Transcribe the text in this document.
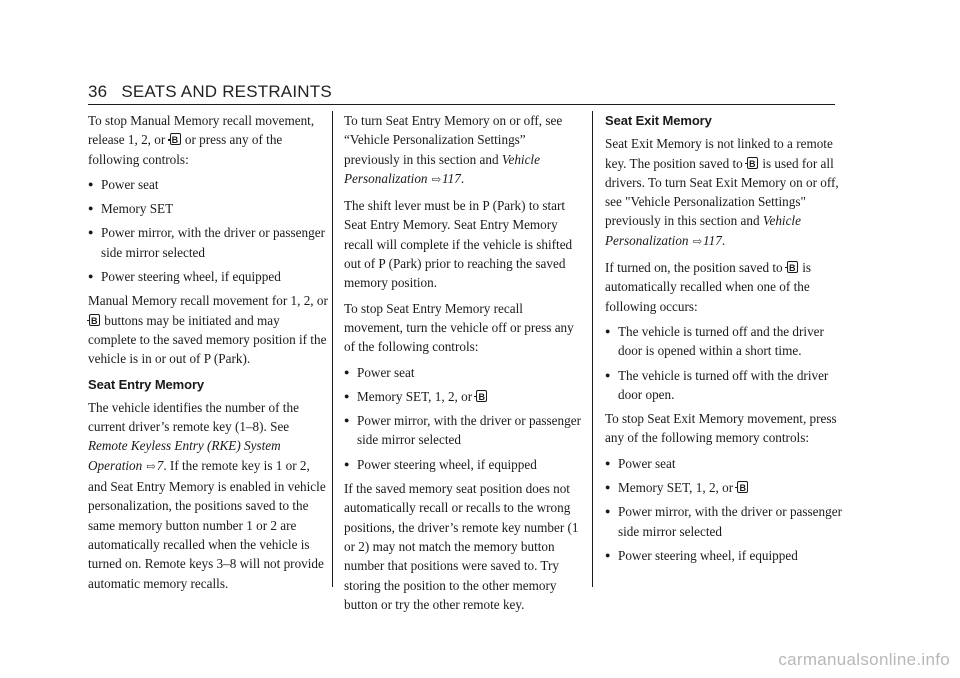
36 SEATS AND RESTRAINTS

To stop Manual Memory recall movement, release 1, 2, or B or press any of the following controls:

● Power seat
● Memory SET
● Power mirror, with the driver or passenger side mirror selected
● Power steering wheel, if equipped

Manual Memory recall movement for 1, 2, or B buttons may be initiated and may complete to the saved memory position if the vehicle is in or out of P (Park).

Seat Entry Memory

The vehicle identifies the number of the current driver’s remote key (1–8). See Remote Keyless Entry (RKE) System Operation ⇨7. If the remote key is 1 or 2, and Seat Entry Memory is enabled in vehicle personalization, the positions saved to the same memory button number 1 or 2 are automatically recalled when the vehicle is turned on. Remote keys 3–8 will not provide automatic memory recalls.

To turn Seat Entry Memory on or off, see “Vehicle Personalization Settings” previously in this section and Vehicle Personalization ⇨117.

The shift lever must be in P (Park) to start Seat Entry Memory. Seat Entry Memory recall will complete if the vehicle is shifted out of P (Park) prior to reaching the saved memory position.

To stop Seat Entry Memory recall movement, turn the vehicle off or press any of the following controls:

● Power seat
● Memory SET, 1, 2, or B
● Power mirror, with the driver or passenger side mirror selected
● Power steering wheel, if equipped

If the saved memory seat position does not automatically recall or recalls to the wrong positions, the driver’s remote key number (1 or 2) may not match the memory button number that positions were saved to. Try storing the position to the other memory button or try the other remote key.

Seat Exit Memory

Seat Exit Memory is not linked to a remote key. The position saved to B is used for all drivers. To turn Seat Exit Memory on or off, see "Vehicle Personalization Settings" previously in this section and Vehicle Personalization ⇨117.

If turned on, the position saved to B is automatically recalled when one of the following occurs:

● The vehicle is turned off and the driver door is opened within a short time.
● The vehicle is turned off with the driver door open.

To stop Seat Exit Memory movement, press any of the following memory controls:

● Power seat
● Memory SET, 1, 2, or B
● Power mirror, with the driver or passenger side mirror selected
● Power steering wheel, if equipped
carmanualsonline.info
